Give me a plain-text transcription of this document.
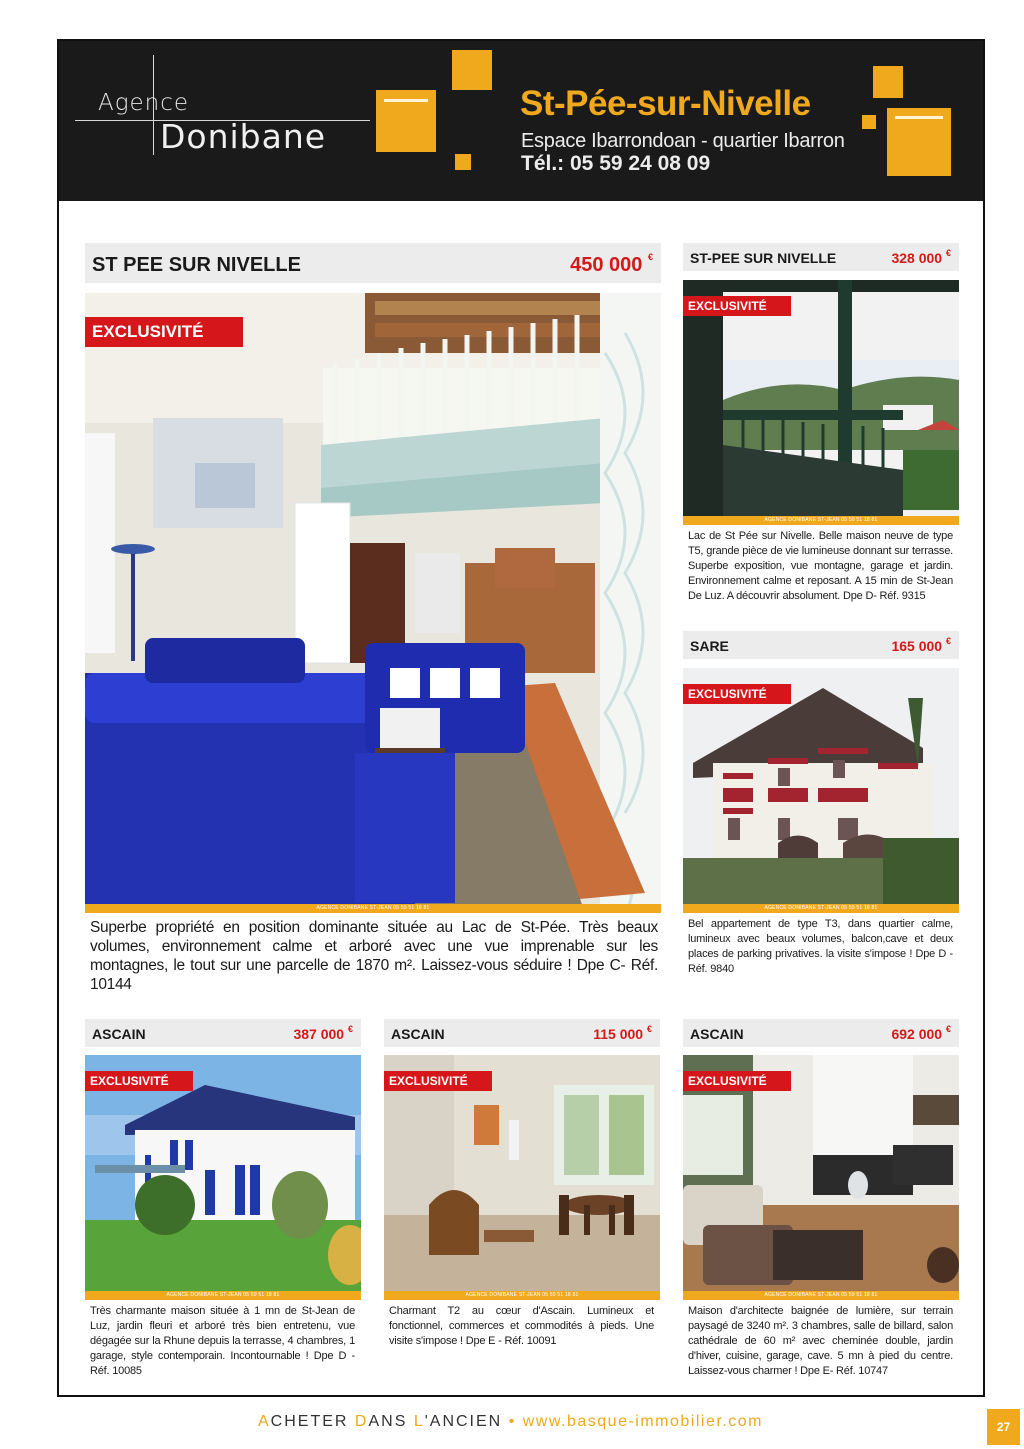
Agence
Donibane
St-Pée-sur-Nivelle
Espace Ibarrondoan - quartier Ibarron
Tél.: 05 59 24 08 09
ST PEE SUR NIVELLE	450 000 €
EXCLUSIVITÉ
AGENCE DONIBANE ST-JEAN 05 59 51 18 81
Superbe propriété en position dominante située au Lac de St-Pée. Très beaux volumes, environnement calme et arboré avec une vue imprenable sur les montagnes, le tout sur une parcelle de 1870 m². Laissez-vous séduire ! Dpe C- Réf. 10144
ST-PEE SUR NIVELLE	328 000 €
EXCLUSIVITÉ
AGENCE DONIBANE ST-JEAN 05 59 51 18 81
Lac de St Pée sur Nivelle. Belle maison neuve de type T5, grande pièce de vie lumineuse donnant sur terrasse. Superbe exposition, vue montagne, garage et jardin. Environnement calme et reposant. A 15 min de St-Jean De Luz. A découvrir absolument. Dpe D- Réf. 9315
SARE	165 000 €
EXCLUSIVITÉ
AGENCE DONIBANE ST-JEAN 05 59 51 18 81
Bel appartement de type T3, dans quartier calme, lumineux avec beaux volumes, balcon,cave et deux places de parking privatives. la visite s'impose ! Dpe D - Réf. 9840
ASCAIN	387 000 €
EXCLUSIVITÉ
AGENCE DONIBANE ST-JEAN 05 59 51 18 81
Très charmante maison située à 1 mn de St-Jean de Luz, jardin fleuri et arboré très bien entretenu, vue dégagée sur la Rhune depuis la terrasse, 4 chambres, 1 garage, style contemporain. Incontournable ! Dpe D - Réf. 10085
ASCAIN	115 000 €
EXCLUSIVITÉ
AGENCE DONIBANE ST-JEAN 05 59 51 18 81
Charmant T2 au cœur d'Ascain. Lumineux et fonctionnel, commerces et commodités à pieds. Une visite s'impose ! Dpe E - Réf. 10091
ASCAIN	692 000 €
EXCLUSIVITÉ
AGENCE DONIBANE ST-JEAN 05 59 51 18 81
Maison d'architecte baignée de lumière, sur terrain paysagé de 3240 m². 3 chambres, salle de billard, salon cathédrale de 60 m² avec cheminée double, jardin d'hiver, cuisine, garage, cave. 5 mn à pied du centre. Laissez-vous charmer ! Dpe E- Réf. 10747
ACHETER DANS L'ANCIEN • www.basque-immobilier.com	27
